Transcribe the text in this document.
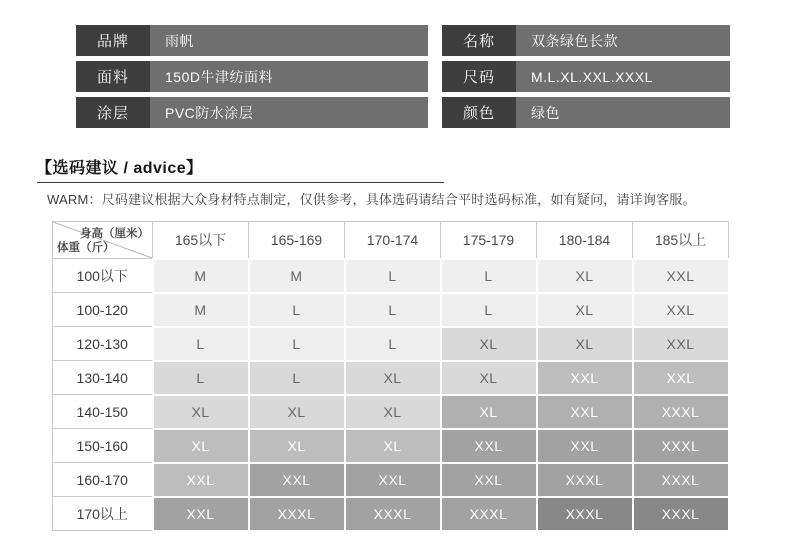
品牌	雨帆
面料	150D牛津纺面料
涂层	PVC防水涂层
名称	双条绿色长款
尺码	M.L.XL.XXL.XXXL
颜色	绿色
【选码建议 / advice】
WARM：尺码建议根据大众身材特点制定，仅供参考，具体选码请结合平时选码标准，如有疑问，请详询客服。
身高（厘米）
体重（斤）	165以下	165-169	170-174	175-179	180-184	185以上
100以下	M	M	L	L	XL	XXL
100-120	M	L	L	L	XL	XXL
120-130	L	L	L	XL	XL	XXL
130-140	L	L	XL	XL	XXL	XXL
140-150	XL	XL	XL	XL	XXL	XXXL
150-160	XL	XL	XL	XXL	XXL	XXXL
160-170	XXL	XXL	XXL	XXL	XXXL	XXXL
170以上	XXL	XXXL	XXXL	XXXL	XXXL	XXXL
